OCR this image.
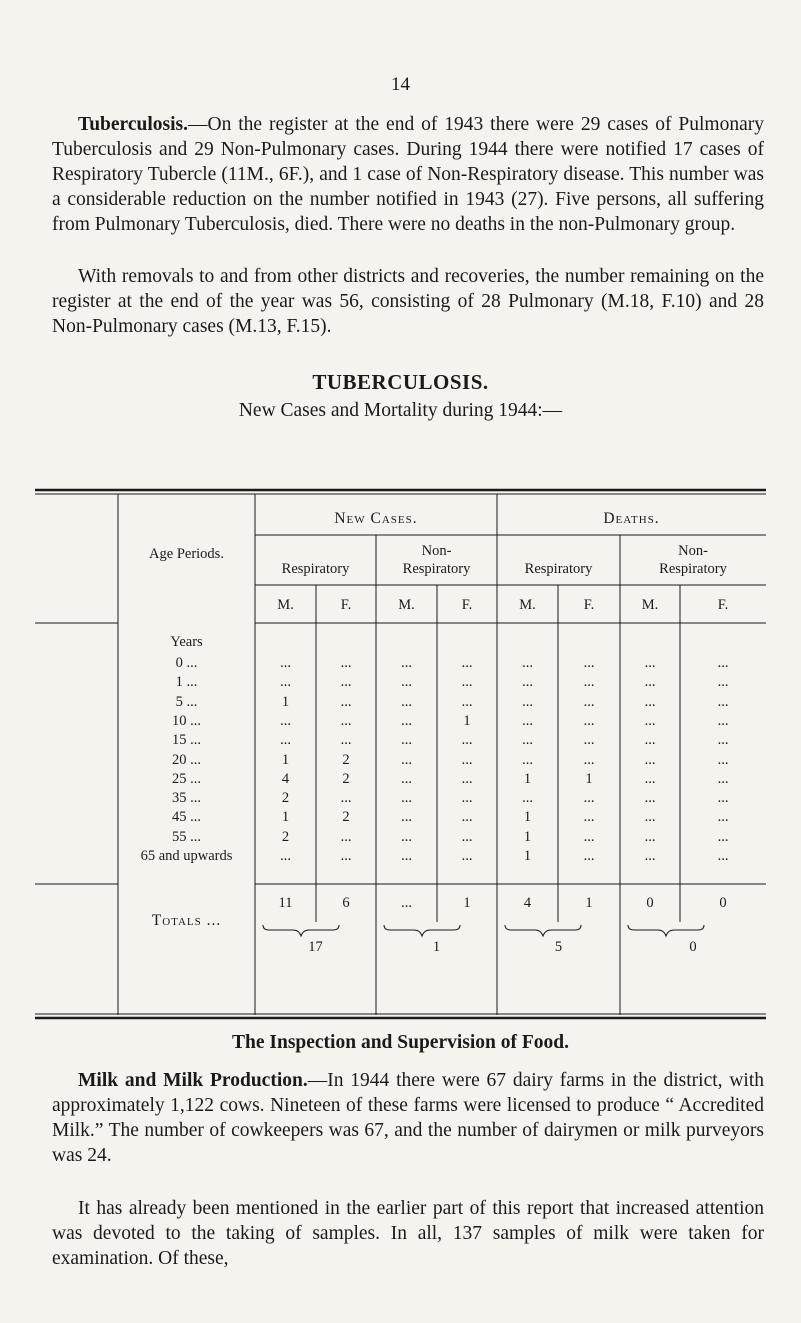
14

Tuberculosis.—On the register at the end of 1943 there were 29 cases of Pulmonary Tuberculosis and 29 Non-Pulmonary cases. During 1944 there were notified 17 cases of Respiratory Tubercle (11M., 6F.), and 1 case of Non-Respiratory disease. This number was a considerable reduction on the number notified in 1943 (27). Five persons, all suffering from Pulmonary Tuberculosis, died. There were no deaths in the non-Pulmonary group.

With removals to and from other districts and recoveries, the number remaining on the register at the end of the year was 56, consisting of 28 Pulmonary (M.18, F.10) and 28 Non-Pulmonary cases (M.13, F.15).

TUBERCULOSIS.

New Cases and Mortality during 1944:—

Age Periods.
New Cases.	Deaths.
Respiratory
Non-
Respiratory	Respiratory
Non-
Respiratory
M.	F.	M.	F.	M.	F.	M.	F.
Years
0 ...	...	...	...	...	...	...	...	...
1 ...	...	...	...	...	...	...	...	...
5 ...	1	...	...	...	...	...	...	...
10 ...	...	...	...	1	...	...	...	...
15 ...	...	...	...	...	...	...	...	...
20 ...	1	2	...	...	...	...	...	...
25 ...	4	2	...	...	1	1	...	...
35 ...	2	...	...	...	...	...	...	...
45 ...	1	2	...	...	1	...	...	...
55 ...	2	...	...	...	1	...	...	...
65 and upwards	...	...	...	...	1	...	...	...
Totals ...
11	6	...	1	4	1	0	0
17	1	5	0

The Inspection and Supervision of Food.

Milk and Milk Production.—In 1944 there were 67 dairy farms in the district, with approximately 1,122 cows. Nineteen of these farms were licensed to produce “ Accredited Milk.” The number of cowkeepers was 67, and the number of dairymen or milk purveyors was 24.

It has already been mentioned in the earlier part of this report that increased attention was devoted to the taking of samples. In all, 137 samples of milk were taken for examination. Of these,
